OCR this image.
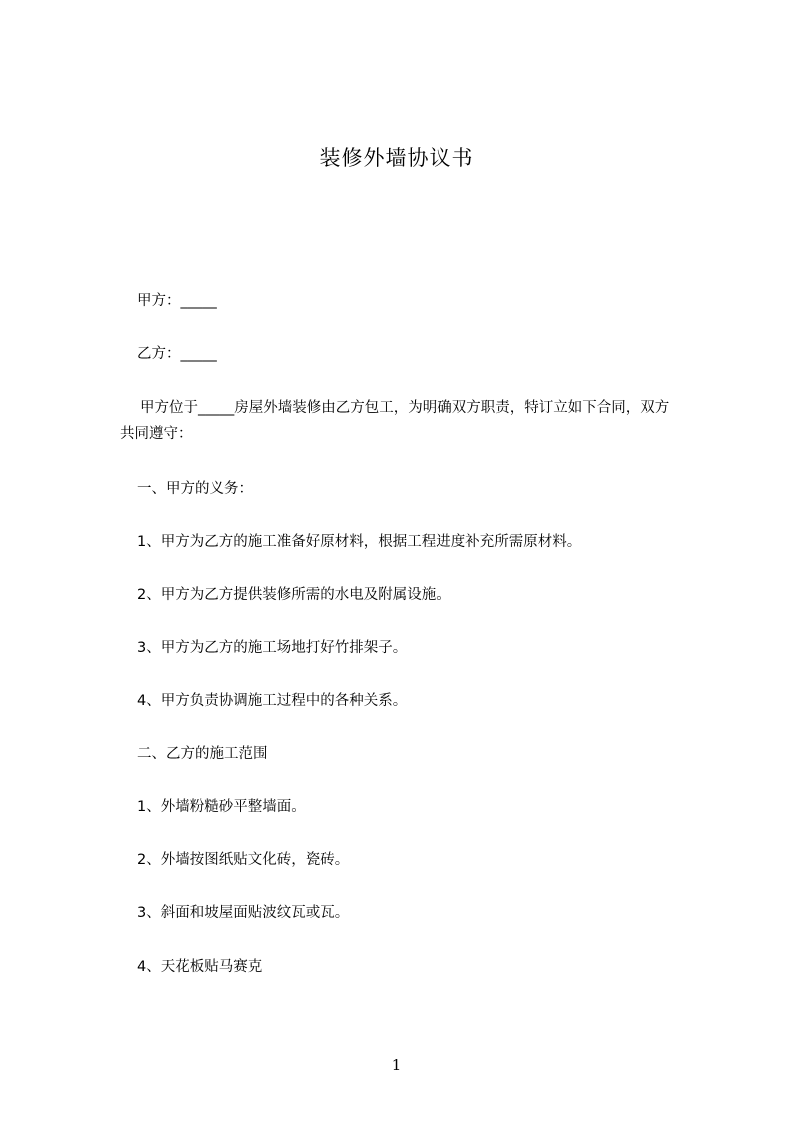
装修外墙协议书
甲方：_____
乙方：_____
甲方位于_____房屋外墙装修由乙方包工，为明确双方职责，特订立如下合同，双方共同遵守：
一、甲方的义务：
1、甲方为乙方的施工准备好原材料，根据工程进度补充所需原材料。
2、甲方为乙方提供装修所需的水电及附属设施。
3、甲方为乙方的施工场地打好竹排架子。
4、甲方负责协调施工过程中的各种关系。
二、乙方的施工范围
1、外墙粉糙砂平整墙面。
2、外墙按图纸贴文化砖，瓷砖。
3、斜面和坡屋面贴波纹瓦或瓦。
4、天花板贴马赛克
1
